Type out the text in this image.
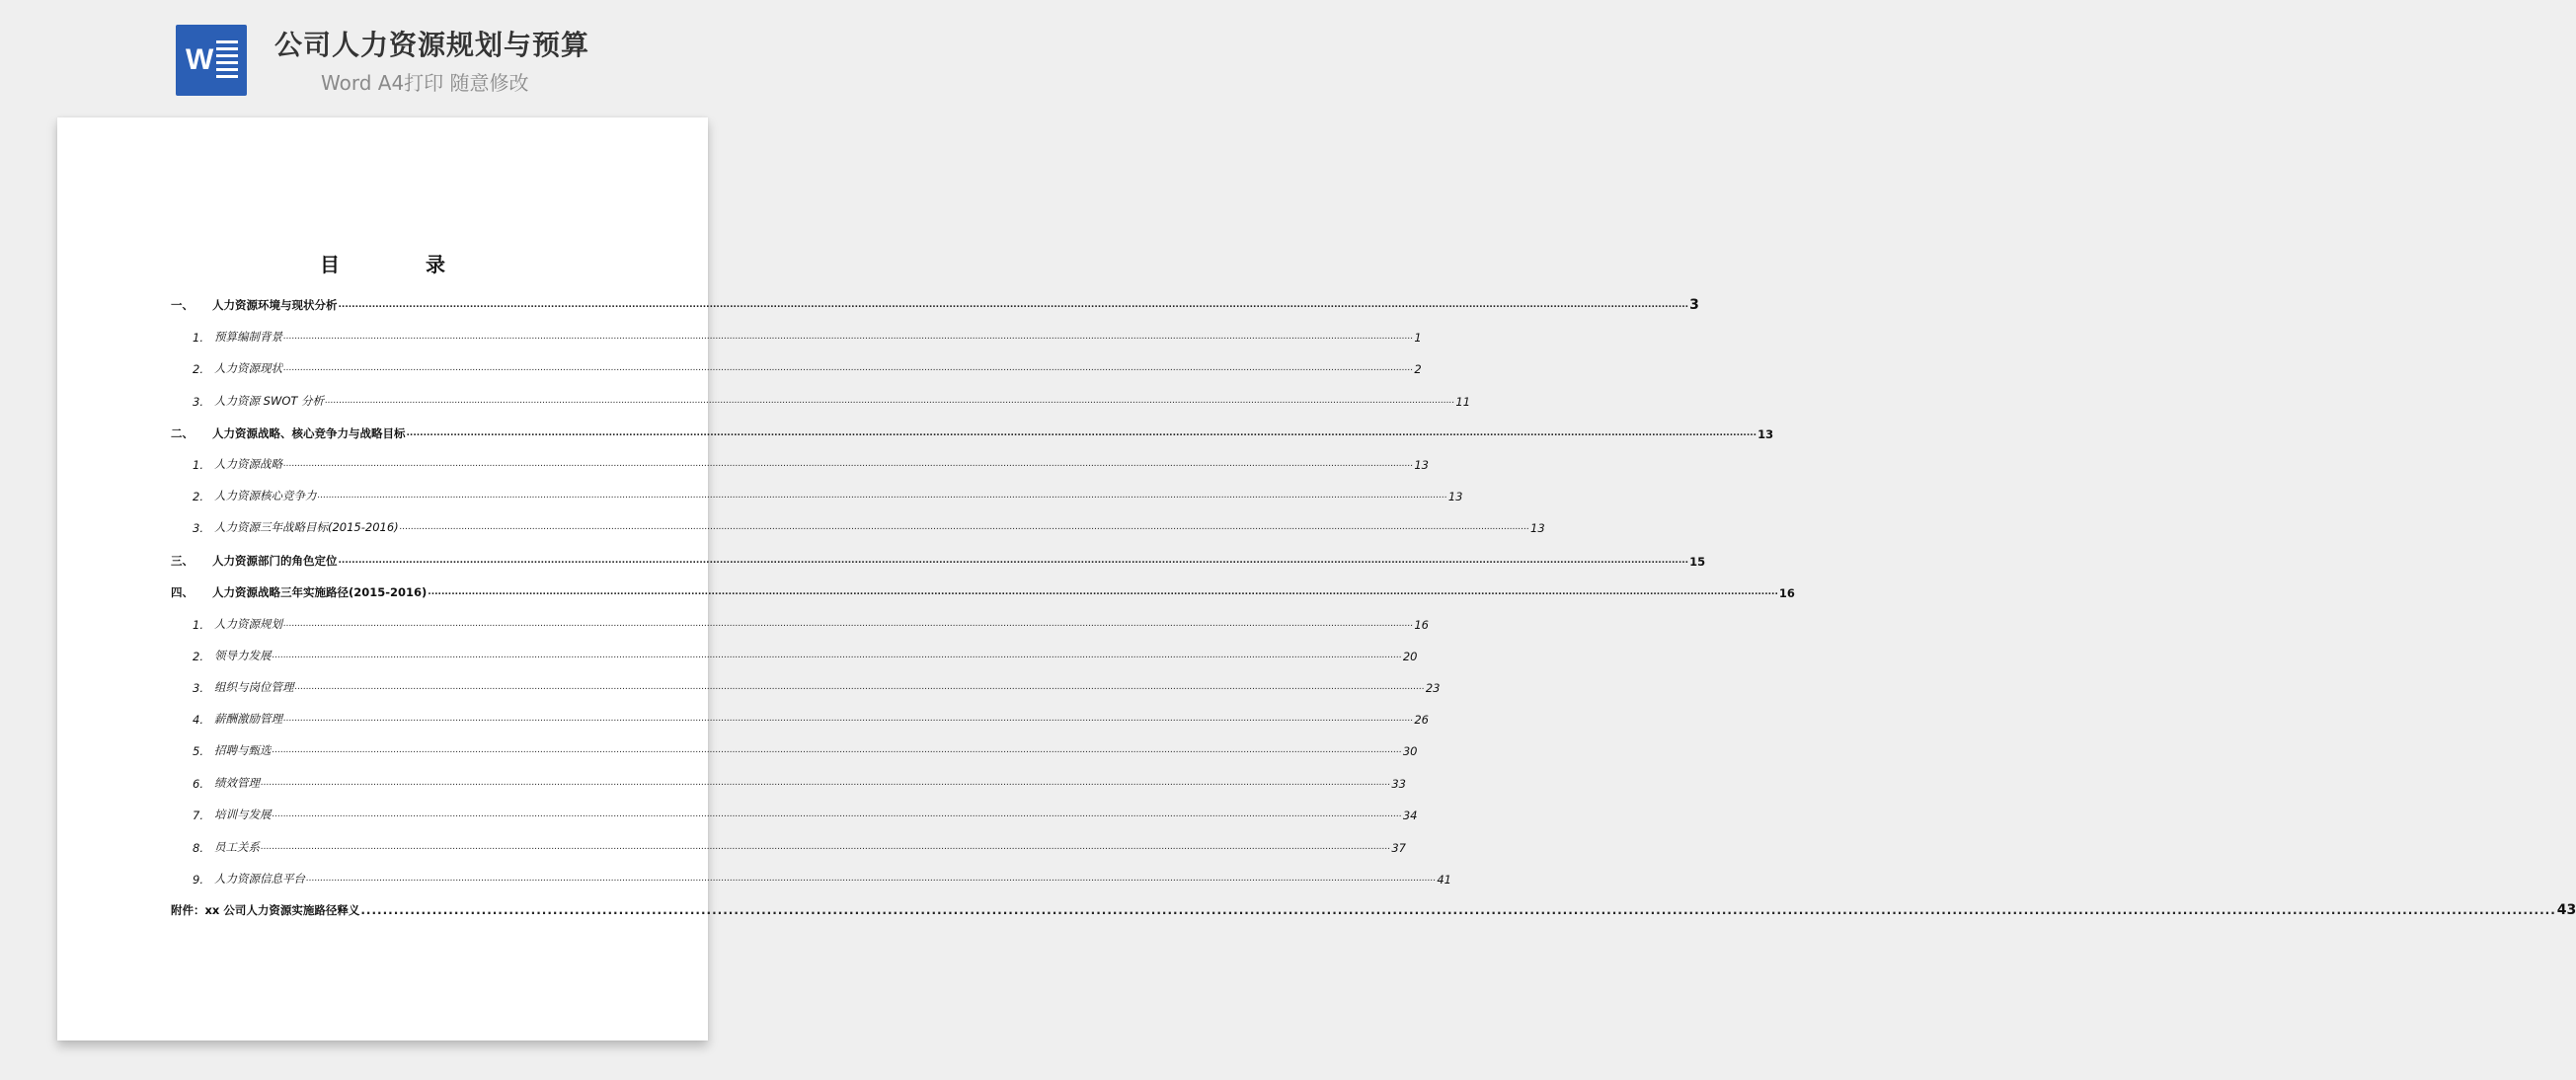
W 公司人力资源规划与预算
Word A4打印 随意修改
目 录
一、	人力资源环境与现状分析 ................................................................................................................................................................................................................................................................................................................................................................................................................ 3
1. 预算编制背景 ................................................................................................................................................................................................................................................................................................................................................................................................................ 1
2. 人力资源现状 ................................................................................................................................................................................................................................................................................................................................................................................................................ 2
3. 人力资源 SWOT 分析 ................................................................................................................................................................................................................................................................................................................................................................................................................ 11
二、	人力资源战略、核心竞争力与战略目标 ................................................................................................................................................................................................................................................................................................................................................................................................................ 13
1. 人力资源战略 ................................................................................................................................................................................................................................................................................................................................................................................................................ 13
2. 人力资源核心竞争力 ................................................................................................................................................................................................................................................................................................................................................................................................................ 13
3. 人力资源三年战略目标(2015-2016) ................................................................................................................................................................................................................................................................................................................................................................................................................ 13
三、	人力资源部门的角色定位 ................................................................................................................................................................................................................................................................................................................................................................................................................ 15
四、	人力资源战略三年实施路径(2015-2016) ................................................................................................................................................................................................................................................................................................................................................................................................................ 16
1. 人力资源规划 ................................................................................................................................................................................................................................................................................................................................................................................................................ 16
2. 领导力发展 ................................................................................................................................................................................................................................................................................................................................................................................................................ 20
3. 组织与岗位管理 ................................................................................................................................................................................................................................................................................................................................................................................................................ 23
4. 薪酬激励管理 ................................................................................................................................................................................................................................................................................................................................................................................................................ 26
5. 招聘与甄选 ................................................................................................................................................................................................................................................................................................................................................................................................................ 30
6. 绩效管理 ................................................................................................................................................................................................................................................................................................................................................................................................................ 33
7. 培训与发展 ................................................................................................................................................................................................................................................................................................................................................................................................................ 34
8. 员工关系 ................................................................................................................................................................................................................................................................................................................................................................................................................ 37
9. 人力资源信息平台 ................................................................................................................................................................................................................................................................................................................................................................................................................ 41
附件：xx 公司人力资源实施路径释义 ................................................................................................................................................................................................................................................................................................................................................................................................................ 43
